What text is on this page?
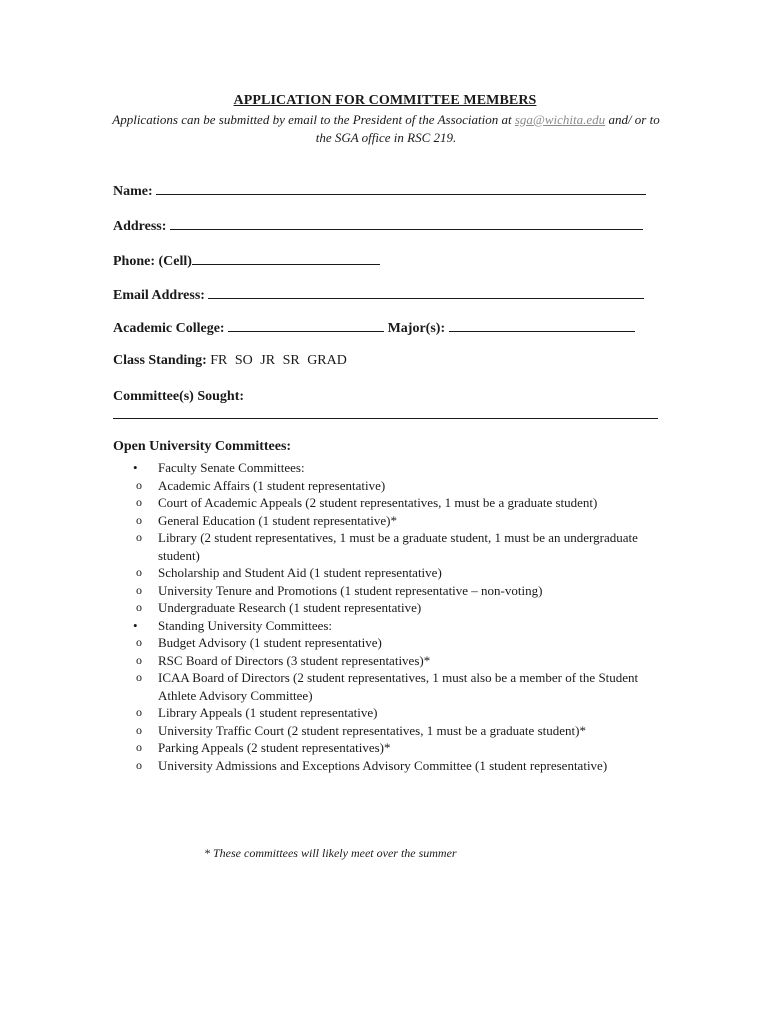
APPLICATION FOR COMMITTEE MEMBERS
Applications can be submitted by email to the President of the Association at sga@wichita.edu and/ or to the SGA office in RSC 219.
Name:
Address:
Phone: (Cell)
Email Address:
Academic College:	Major(s):
Class Standing: FR SO JR SR GRAD
Committee(s) Sought:
Open University Committees:
• Faculty Senate Committees:
o Academic Affairs (1 student representative)
o Court of Academic Appeals (2 student representatives, 1 must be a graduate student)
o General Education (1 student representative)*
o Library (2 student representatives, 1 must be a graduate student, 1 must be an undergraduate student)
o Scholarship and Student Aid (1 student representative)
o University Tenure and Promotions (1 student representative – non-voting)
o Undergraduate Research (1 student representative)
• Standing University Committees:
o Budget Advisory (1 student representative)
o RSC Board of Directors (3 student representatives)*
o ICAA Board of Directors (2 student representatives, 1 must also be a member of the Student Athlete Advisory Committee)
o Library Appeals (1 student representative)
o University Traffic Court (2 student representatives, 1 must be a graduate student)*
o Parking Appeals (2 student representatives)*
o University Admissions and Exceptions Advisory Committee (1 student representative)
* These committees will likely meet over the summer
